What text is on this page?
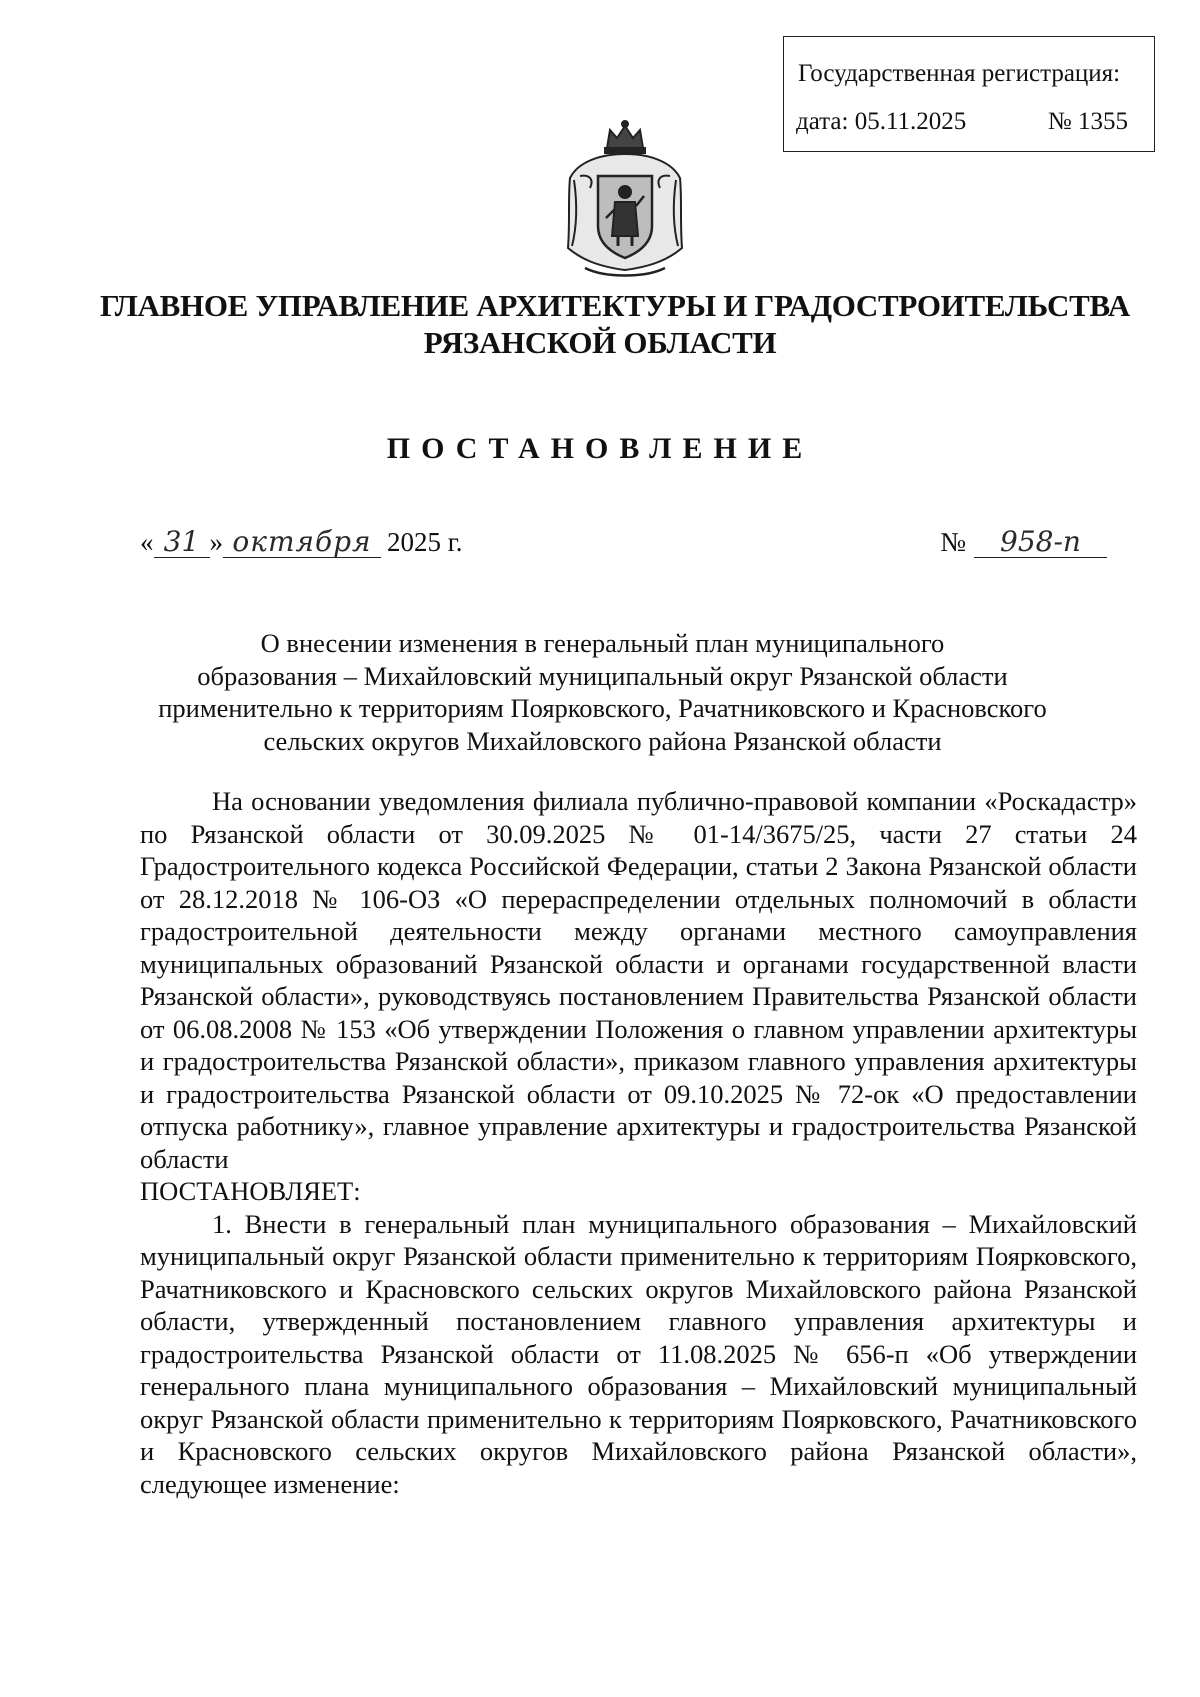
Государственная регистрация:
дата: 05.11.2025	№ 1355
ГЛАВНОЕ УПРАВЛЕНИЕ АРХИТЕКТУРЫ И ГРАДОСТРОИТЕЛЬСТВА
РЯЗАНСКОЙ ОБЛАСТИ
ПОСТАНОВЛЕНИЕ
« 31 » октября 2025 г.	№	958-п
О внесении изменения в генеральный план муниципального
образования – Михайловский муниципальный округ Рязанской области
применительно к территориям Поярковского, Рачатниковского и Красновского
сельских округов Михайловского района Рязанской области

На основании уведомления филиала публично-правовой компании «Роскадастр» по Рязанской области от 30.09.2025 № 01-14/3675/25, части 27 статьи 24 Градостроительного кодекса Российской Федерации, статьи 2 Закона Рязанской области от 28.12.2018 № 106-ОЗ «О перераспределении отдельных полномочий в области градостроительной деятельности между органами местного самоуправления муниципальных образований Рязанской области и органами государственной власти Рязанской области», руководствуясь постановлением Правительства Рязанской области от 06.08.2008 № 153 «Об утверждении Положения о главном управлении архитектуры и градостроительства Рязанской области», приказом главного управления архитектуры и градостроительства Рязанской области от 09.10.2025 № 72-ок «О предоставлении отпуска работнику», главное управление архитектуры и градостроительства Рязанской области

ПОСТАНОВЛЯЕТ:

1. Внести в генеральный план муниципального образования – Михайловский муниципальный округ Рязанской области применительно к территориям Поярковского, Рачатниковского и Красновского сельских округов Михайловского района Рязанской области, утвержденный постановлением главного управления архитектуры и градостроительства Рязанской области от 11.08.2025 № 656-п «Об утверждении генерального плана муниципального образования – Михайловский муниципальный округ Рязанской области применительно к территориям Поярковского, Рачатниковского и Красновского сельских округов Михайловского района Рязанской области», следующее изменение:
